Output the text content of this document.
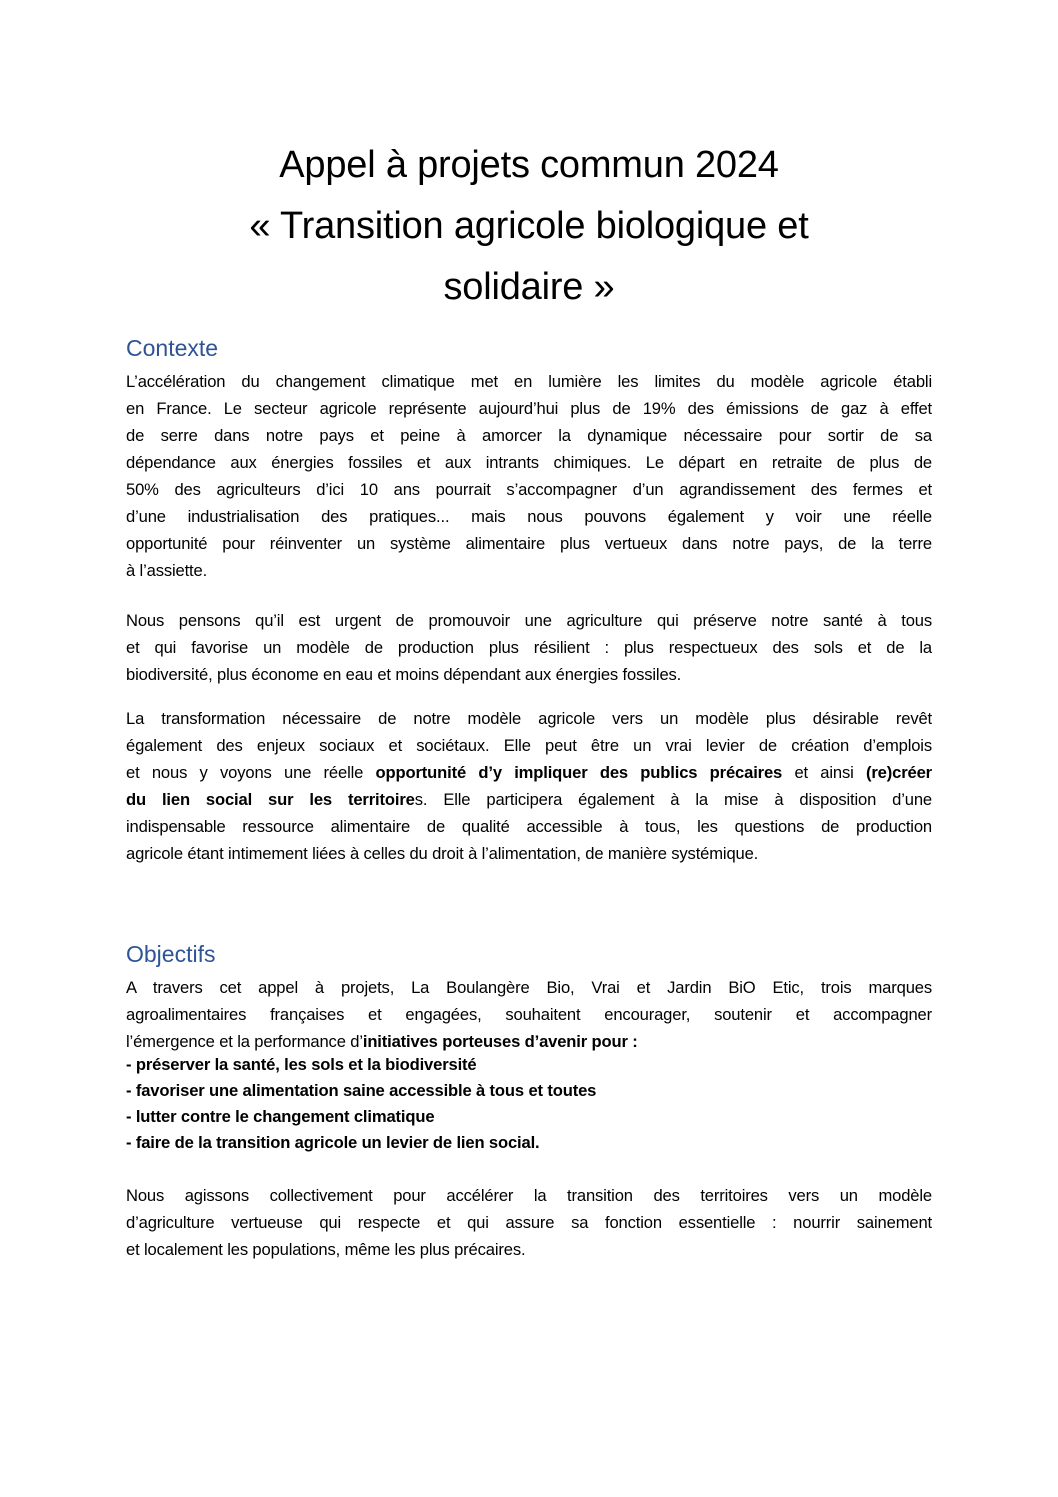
Appel à projets commun 2024
« Transition agricole biologique et
solidaire »
Contexte

L’accélération du changement climatique met en lumière les limites du modèle agricole établi
en France. Le secteur agricole représente aujourd’hui plus de 19% des émissions de gaz à effet
de serre dans notre pays et peine à amorcer la dynamique nécessaire pour sortir de sa
dépendance aux énergies fossiles et aux intrants chimiques. Le départ en retraite de plus de
50% des agriculteurs d’ici 10 ans pourrait s’accompagner d’un agrandissement des fermes et
d’une industrialisation des pratiques... mais nous pouvons également y voir une réelle
opportunité pour réinventer un système alimentaire plus vertueux dans notre pays, de la terre
à l’assiette.

Nous pensons qu’il est urgent de promouvoir une agriculture qui préserve notre santé à tous
et qui favorise un modèle de production plus résilient : plus respectueux des sols et de la
biodiversité, plus économe en eau et moins dépendant aux énergies fossiles.

La transformation nécessaire de notre modèle agricole vers un modèle plus désirable revêt
également des enjeux sociaux et sociétaux. Elle peut être un vrai levier de création d’emplois
et nous y voyons une réelle opportunité d’y impliquer des publics précaires et ainsi (re)créer
du lien social sur les territoires. Elle participera également à la mise à disposition d’une
indispensable ressource alimentaire de qualité accessible à tous, les questions de production
agricole étant intimement liées à celles du droit à l’alimentation, de manière systémique.

Objectifs

A travers cet appel à projets, La Boulangère Bio, Vrai et Jardin BiO Etic, trois marques
agroalimentaires françaises et engagées, souhaitent encourager, soutenir et accompagner
l’émergence et la performance d’initiatives porteuses d’avenir pour :

- préserver la santé, les sols et la biodiversité
- favoriser une alimentation saine accessible à tous et toutes
- lutter contre le changement climatique
- faire de la transition agricole un levier de lien social.

Nous agissons collectivement pour accélérer la transition des territoires vers un modèle
d’agriculture vertueuse qui respecte et qui assure sa fonction essentielle : nourrir sainement
et localement les populations, même les plus précaires.
